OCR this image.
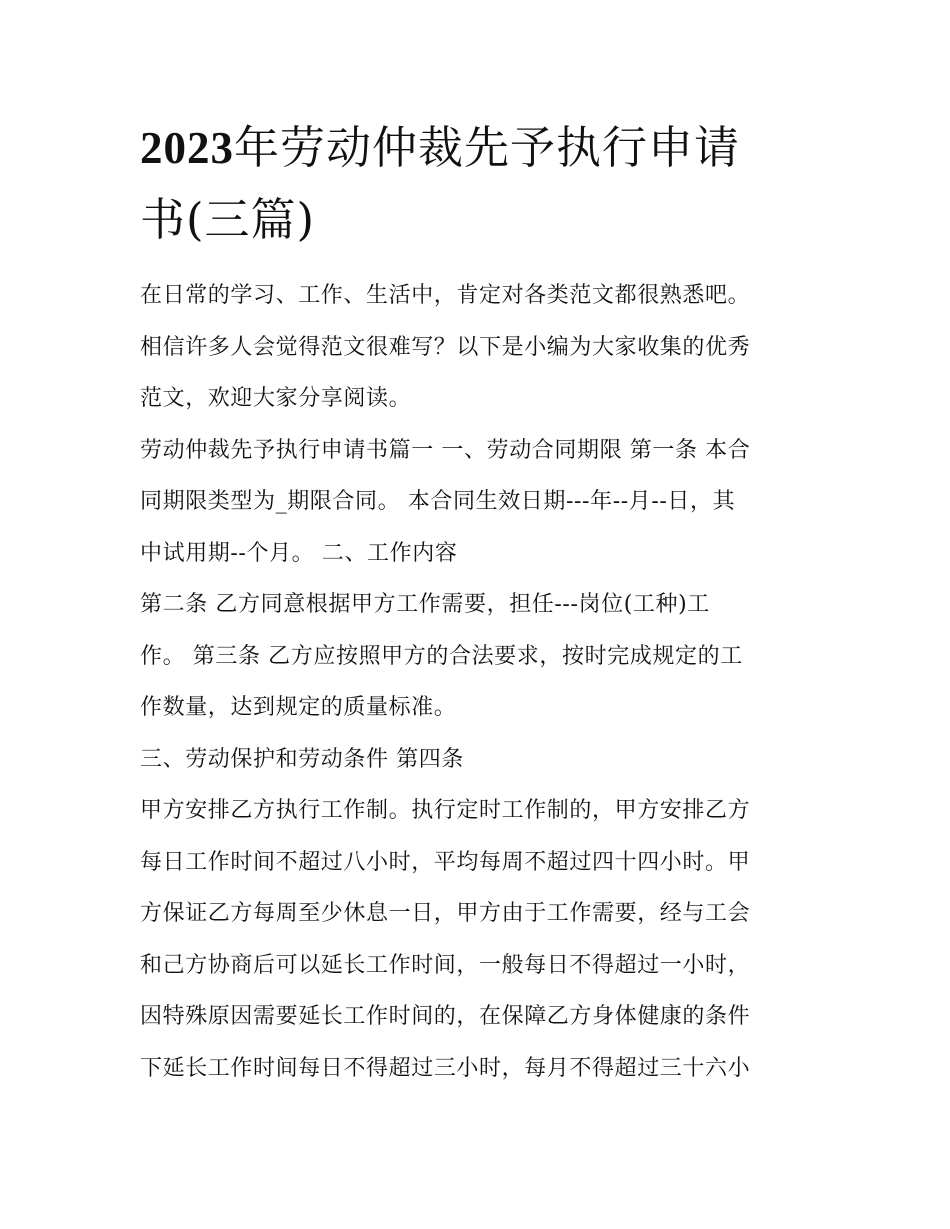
2023年劳动仲裁先予执行申请
书(三篇)

在日常的学习、工作、生活中，肯定对各类范文都很熟悉吧。

相信许多人会觉得范文很难写？以下是小编为大家收集的优秀

范文，欢迎大家分享阅读。

劳动仲裁先予执行申请书篇一 一、劳动合同期限 第一条 本合

同期限类型为_期限合同。 本合同生效日期---年--月--日，其

中试用期--个月。 二、工作内容

第二条 乙方同意根据甲方工作需要，担任---岗位(工种)工

作。 第三条 乙方应按照甲方的合法要求，按时完成规定的工

作数量，达到规定的质量标准。

三、劳动保护和劳动条件 第四条

甲方安排乙方执行工作制。执行定时工作制的，甲方安排乙方

每日工作时间不超过八小时，平均每周不超过四十四小时。甲

方保证乙方每周至少休息一日，甲方由于工作需要，经与工会

和己方协商后可以延长工作时间，一般每日不得超过一小时，

因特殊原因需要延长工作时间的，在保障乙方身体健康的条件

下延长工作时间每日不得超过三小时，每月不得超过三十六小
